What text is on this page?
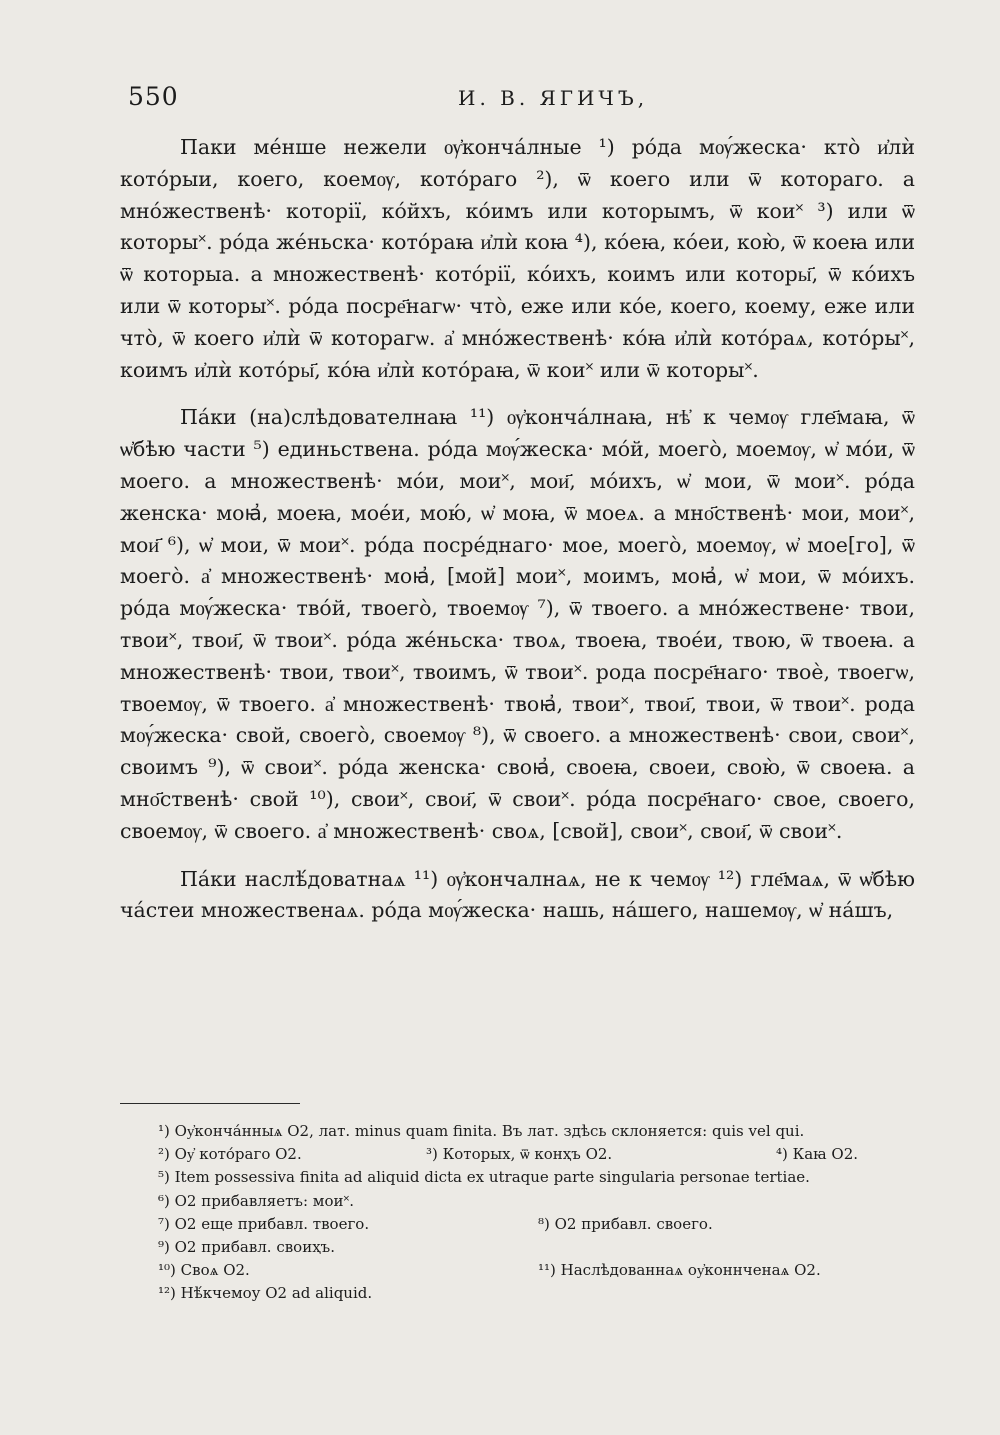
550	И. В. ЯГИЧЪ,

Паки ме́нше нежели ѹ҆конча́лные ¹) ро́да мѹ́жеска· кто̀ и҆лѝ кото́рыи, коего, коемѹ, кото́рагo ²), ѿ коего или ѿ которагo. а мно́жественѣ· которiї, ко́йхъ, ко́имъ или которымъ, ѿ кои˟ ³) или ѿ которы˟. ро́да же́ньска· кото́раꙗ и҆лѝ коꙗ ⁴), ко́еꙗ, ко́еи, кою̀, ѿ коеꙗ или ѿ которыа. а множественѣ· кото́рiї, ко́ихъ, коимъ или которы҃, ѿ ко́ихъ или ѿ которы˟. ро́да посре҃нагѡ· что̀, еже или ко́е, коего, коему, еже или что̀, ѿ коего и҆лѝ ѿ которагѡ. а҆ мно́жественѣ· ко́ꙗ и҆лѝ кото́раѧ, кото́ры˟, коимъ и҆лѝ кото́ры҃, ко́ꙗ и҆лѝ кото́раꙗ, ѿ кои˟ или ѿ которы˟.

Па́ки (на)слѣдователнаꙗ ¹¹) ѹ҆конча́лнаꙗ, нѣ҆ к чемѹ глe҃маꙗ, ѿ ѡ҆бѣю части ⁵) единьствена. ро́да мѹ́жеска· мо́й, моего̀, моемѹ, ѡ҆ мо́и, ѿ моего. а множественѣ· мо́и, мои˟, мои҃, мо́ихъ, ѡ҆ мои, ѿ мои˟. ро́да женска· моꙗ҆, моеꙗ, мое́и, мою́, ѡ҆ моꙗ, ѿ моеѧ. а мно҃ственѣ· мои, мои˟, мои҃ ⁶), ѡ҆ мои, ѿ мои˟. ро́да посре́днагo· мое, моего̀, моемѹ, ѡ҆ мое[го], ѿ моего̀. а҆ множественѣ· моꙗ҆, [мой] мои˟, моимъ, моꙗ҆, ѡ҆ мои, ѿ мо́ихъ. ро́да мѹ́жеска· тво́й, твоего̀, твоемѹ ⁷), ѿ твоего. а мно́жественe· твои, твои˟, твои҃, ѿ твои˟. ро́да же́ньска· твоѧ, твоеꙗ, твое́и, твою, ѿ твоеꙗ. а множественѣ· твои, твои˟, твоимъ, ѿ твои˟. рода посре҃нагo· твоѐ, твоегѡ, твоемѹ, ѿ твоего. а҆ множественѣ· твоꙗ҆, твои˟, твои҃, твои, ѿ твои˟. рода мѹ́жеска· свой, своего̀, своемѹ ⁸), ѿ своего. а множественѣ· свои, свои˟, своимъ ⁹), ѿ свои˟. ро́да женска· своꙗ҆, своеꙗ, своеи, свою̀, ѿ своеꙗ. а мно҃ственѣ· свой ¹⁰), свои˟, свои҃, ѿ свои˟. ро́да посре҃нагo· свое, своего, своемѹ, ѿ своего. а҆ множественѣ· своѧ, [свой], свои˟, свои҃, ѿ свои˟.

Па́ки наслѣ́доватнаѧ ¹¹) ѹ҆кончалнаѧ, не к чемѹ ¹²) гле҃маѧ, ѿ ѡ҆бѣю ча́стеи множественаѧ. ро́да мѹ́жеска· нашь, на́шего, нашемѹ, ѡ҆ на́шъ,

¹) Оу҆конча́нныѧ O2, лат. minus quam finita. Въ лат. здѣсь склоняется: quis vel qui.
²) Оу҆ кото́рагo O2.	³) Которых, ѿ конҳъ O2.	⁴) Каꙗ O2.
⁵) Item possessiva finita ad aliquid dicta ex utraque parte singularia personae tertiae.
⁶) O2 прибавляетъ: мои˟.
⁷) O2 еще прибавл. твоего.	⁸) O2 прибавл. своего.
⁹) O2 прибавл. своиҳъ.
¹⁰) Своѧ O2.	¹¹) Наслѣдованнаѧ оу҆коннченаѧ O2.
¹²) Нѣ́кчемоу O2 ad aliquid.
